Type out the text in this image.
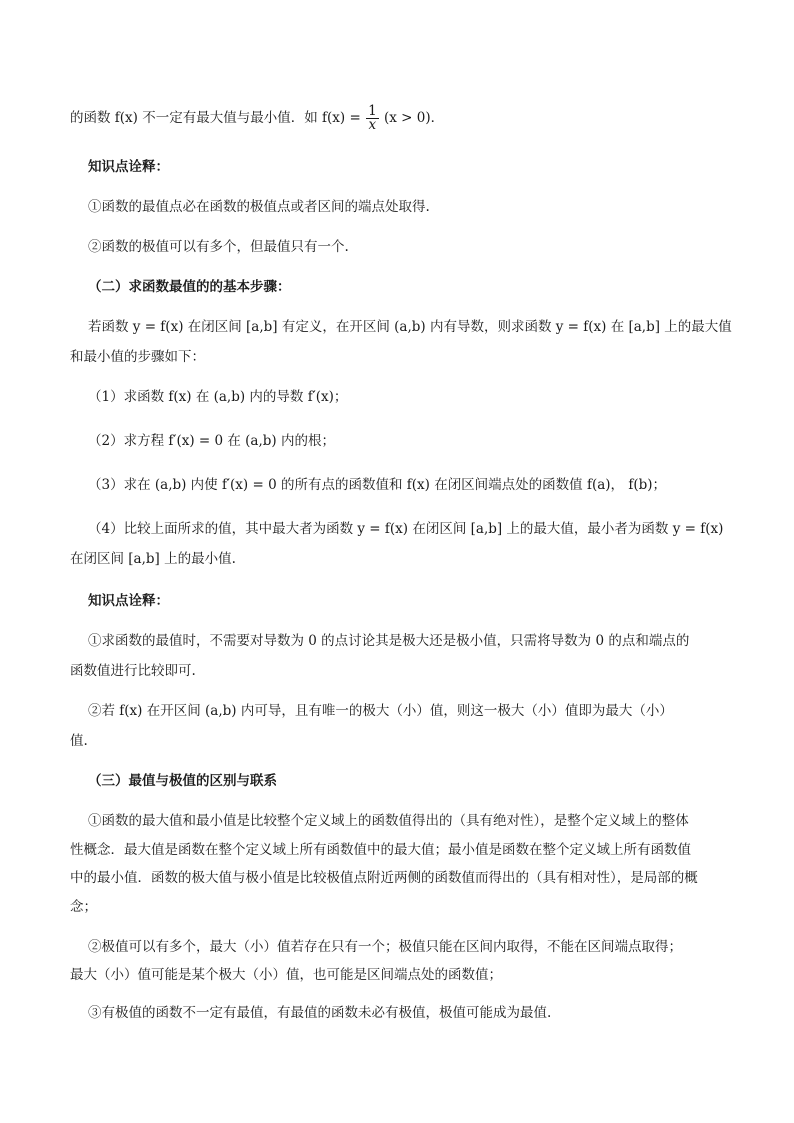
的函数 f(x) 不一定有最大值与最小值．如 $f(x) = \frac{1}{x} (x > 0)$．
知识点诠释：
①函数的最值点必在函数的极值点或者区间的端点处取得.
②函数的极值可以有多个，但最值只有一个.
（二）求函数最值的的基本步骤：
若函数 y = f(x) 在闭区间 [a,b] 有定义，在开区间 (a,b) 内有导数，则求函数 y = f(x) 在 [a,b] 上的最大值
和最小值的步骤如下：
（1）求函数 f(x) 在 (a,b) 内的导数 f′(x)；
（2）求方程 f′(x) = 0 在 (a,b) 内的根；
（3）求在 (a,b) 内使 f′(x) = 0 的所有点的函数值和 f(x) 在闭区间端点处的函数值 f(a)， f(b)；
（4）比较上面所求的值，其中最大者为函数 y = f(x) 在闭区间 [a,b] 上的最大值，最小者为函数 y = f(x)
在闭区间 [a,b] 上的最小值.
知识点诠释：
①求函数的最值时，不需要对导数为 0 的点讨论其是极大还是极小值，只需将导数为 0 的点和端点的
函数值进行比较即可.
②若 f(x) 在开区间 (a,b) 内可导，且有唯一的极大（小）值，则这一极大（小）值即为最大（小）
值.
（三）最值与极值的区别与联系
①函数的最大值和最小值是比较整个定义域上的函数值得出的（具有绝对性），是整个定义域上的整体
性概念．最大值是函数在整个定义域上所有函数值中的最大值；最小值是函数在整个定义域上所有函数值
中的最小值．函数的极大值与极小值是比较极值点附近两侧的函数值而得出的（具有相对性），是局部的概
念；
②极值可以有多个，最大（小）值若存在只有一个；极值只能在区间内取得，不能在区间端点取得；
最大（小）值可能是某个极大（小）值，也可能是区间端点处的函数值；
③有极值的函数不一定有最值，有最值的函数未必有极值，极值可能成为最值.
